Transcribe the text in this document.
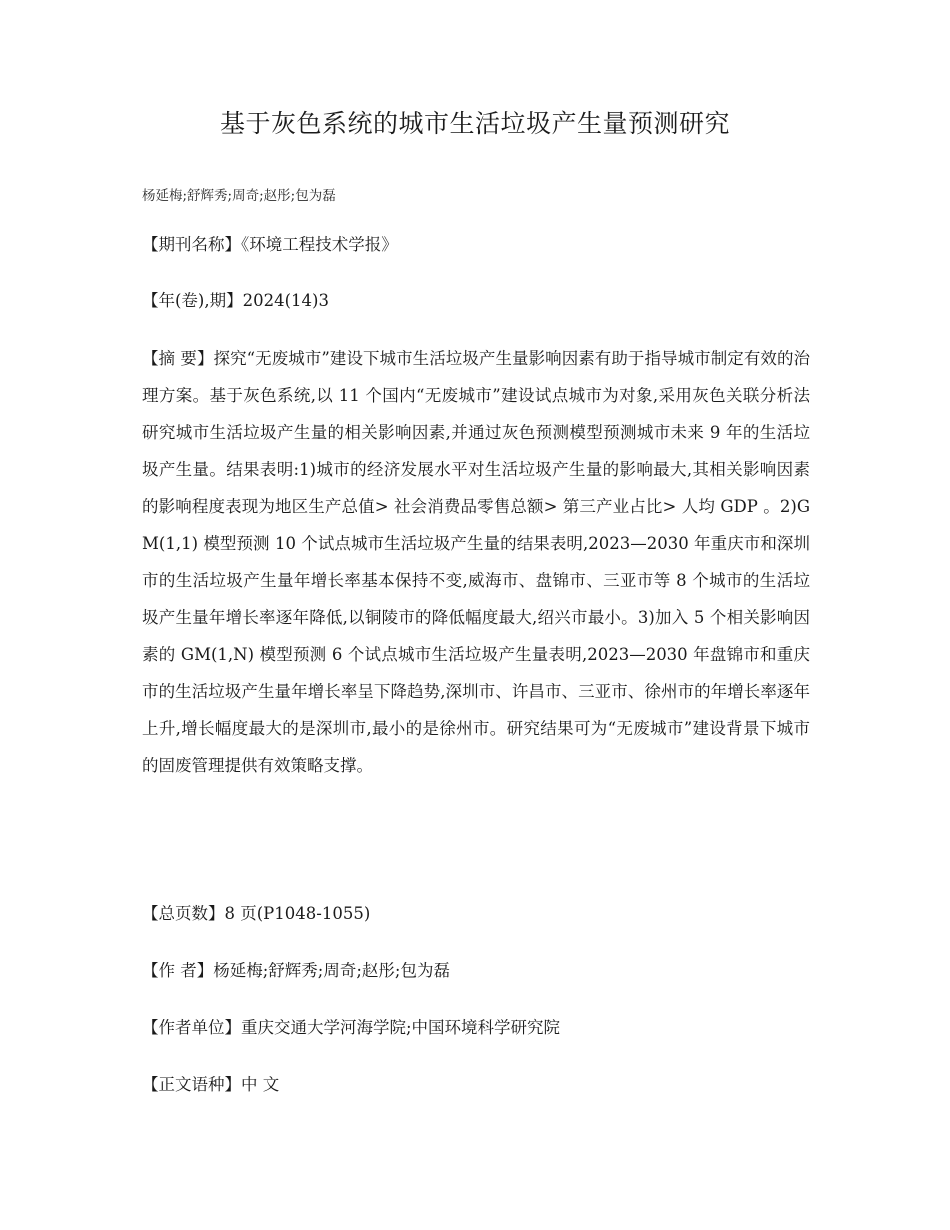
基于灰色系统的城市生活垃圾产生量预测研究
杨延梅;舒辉秀;周奇;赵彤;包为磊
【期刊名称】《环境工程技术学报》
【年(卷),期】2024(14)3
【摘 要】探究“无废城市”建设下城市生活垃圾产生量影响因素有助于指导城市制定有效的治理方案。基于灰色系统,以 11 个国内“无废城市”建设试点城市为对象,采用灰色关联分析法研究城市生活垃圾产生量的相关影响因素,并通过灰色预测模型预测城市未来 9 年的生活垃圾产生量。结果表明:1)城市的经济发展水平对生活垃圾产生量的影响最大,其相关影响因素的影响程度表现为地区生产总值> 社会消费品零售总额> 第三产业占比> 人均 GDP 。2)GM(1,1) 模型预测 10 个试点城市生活垃圾产生量的结果表明,2023—2030 年重庆市和深圳市的生活垃圾产生量年增长率基本保持不变,威海市、盘锦市、三亚市等 8 个城市的生活垃圾产生量年增长率逐年降低,以铜陵市的降低幅度最大,绍兴市最小。3)加入 5 个相关影响因素的 GM(1,N) 模型预测 6 个试点城市生活垃圾产生量表明,2023—2030 年盘锦市和重庆市的生活垃圾产生量年增长率呈下降趋势,深圳市、许昌市、三亚市、徐州市的年增长率逐年上升,增长幅度最大的是深圳市,最小的是徐州市。研究结果可为“无废城市”建设背景下城市的固废管理提供有效策略支撑。
【总页数】8 页(P1048-1055)
【作 者】杨延梅;舒辉秀;周奇;赵彤;包为磊
【作者单位】重庆交通大学河海学院;中国环境科学研究院
【正文语种】中 文
